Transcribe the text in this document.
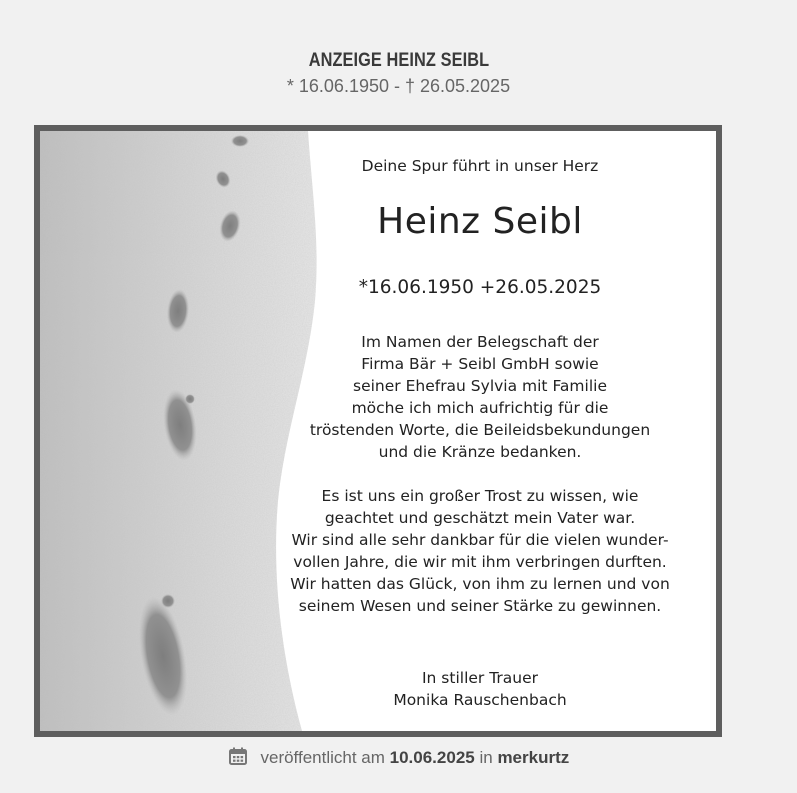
ANZEIGE HEINZ SEIBL
* 16.06.1950 - † 26.05.2025
Deine Spur führt in unser Herz
Heinz Seibl
*16.06.1950 +26.05.2025
Im Namen der Belegschaft der
Firma Bär + Seibl GmbH sowie
seiner Ehefrau Sylvia mit Familie
möche ich mich aufrichtig für die
tröstenden Worte, die Beileidsbekundungen
und die Kränze bedanken.
Es ist uns ein großer Trost zu wissen, wie
geachtet und geschätzt mein Vater war.
Wir sind alle sehr dankbar für die vielen wunder-
vollen Jahre, die wir mit ihm verbringen durften.
Wir hatten das Glück, von ihm zu lernen und von
seinem Wesen und seiner Stärke zu gewinnen.
In stiller Trauer
Monika Rauschenbach
veröffentlicht am 10.06.2025 in merkurtz
